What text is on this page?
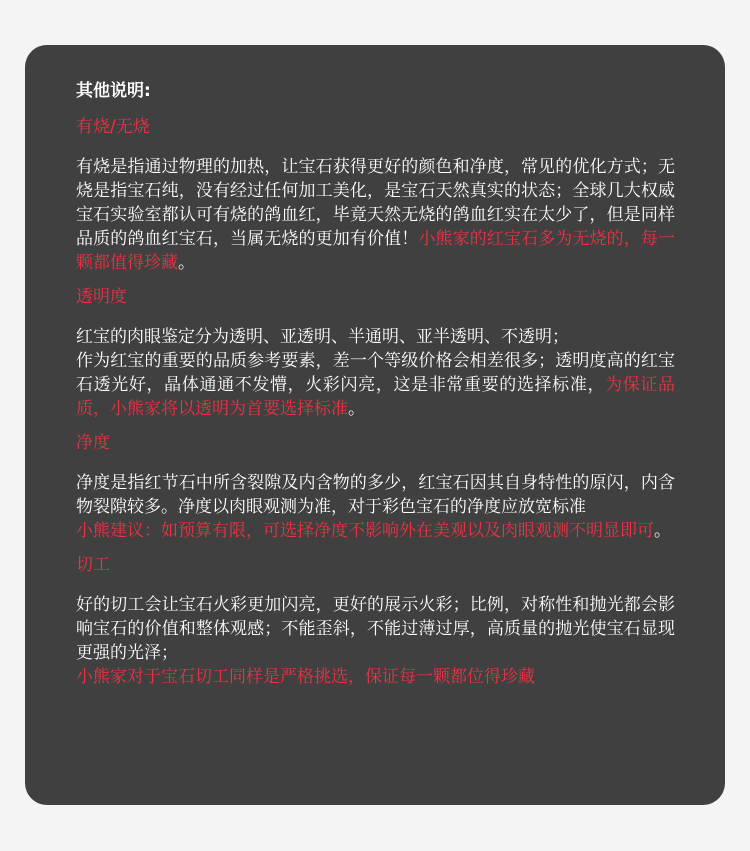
其他说明:
有烧/无烧
有烧是指通过物理的加热，让宝石获得更好的颜色和净度，常见的优化方式；无烧是指宝石纯，没有经过任何加工美化，是宝石天然真实的状态；全球几大权威宝石实验室都认可有烧的鸽血红，毕竟天然无烧的鸽血红实在太少了，但是同样品质的鸽血红宝石，当属无烧的更加有价值！小熊家的红宝石多为无烧的，每一颗都值得珍藏。
透明度
红宝的肉眼鉴定分为透明、亚透明、半通明、亚半透明、不透明；
作为红宝的重要的品质参考要素，差一个等级价格会相差很多；透明度高的红宝石透光好，晶体通通不发懵，火彩闪亮，这是非常重要的选择标准，为保证品质，小熊家将以透明为首要选择标准。
净度
净度是指红节石中所含裂隙及内含物的多少，红宝石因其自身特性的原闪，内含物裂隙较多。净度以肉眼观测为准，对于彩色宝石的净度应放宽标准
小熊建议：如预算有限，可选择净度不影响外在美观以及肉眼观测不明显即可。
切工
好的切工会让宝石火彩更加闪亮，更好的展示火彩；比例，对称性和抛光都会影响宝石的价值和整体观感；不能歪斜，不能过薄过厚，高质量的抛光使宝石显现更强的光泽；
小熊家对于宝石切工同样是严格挑选，保证每一颗都位得珍藏
